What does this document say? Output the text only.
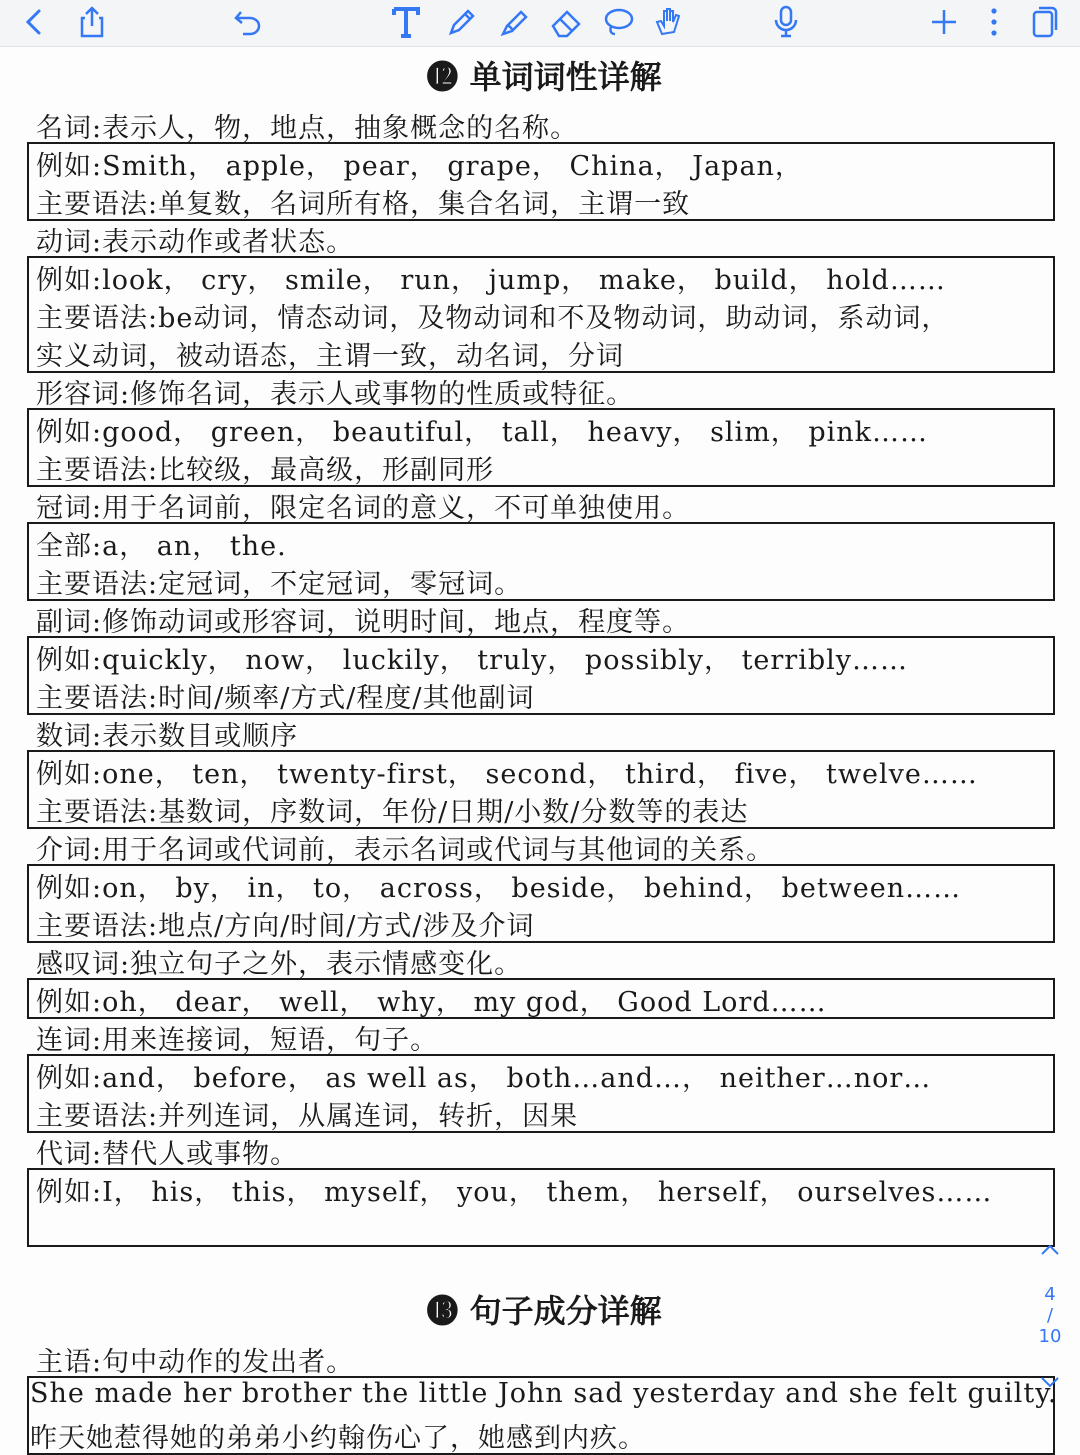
⓬ 单词词性详解
名词:表示人，物，地点，抽象概念的名称。
例如:Smith， apple， pear， grape， China， Japan，
主要语法:单复数，名词所有格，集合名词，主谓一致
动词:表示动作或者状态。
例如:look， cry， smile， run， jump， make， build， hold……
主要语法:be动词，情态动词，及物动词和不及物动词，助动词，系动词，
实义动词，被动语态，主谓一致，动名词，分词
形容词:修饰名词，表示人或事物的性质或特征。
例如:good， green， beautiful， tall， heavy， slim， pink……
主要语法:比较级，最高级，形副同形
冠词:用于名词前，限定名词的意义，不可单独使用。
全部:a， an， the.
主要语法:定冠词，不定冠词，零冠词。
副词:修饰动词或形容词，说明时间，地点，程度等。
例如:quickly， now， luckily， truly， possibly， terribly……
主要语法:时间/频率/方式/程度/其他副词
数词:表示数目或顺序
例如:one， ten， twenty-first， second， third， five， twelve……
主要语法:基数词，序数词，年份/日期/小数/分数等的表达
介词:用于名词或代词前，表示名词或代词与其他词的关系。
例如:on， by， in， to， across， beside， behind， between……
主要语法:地点/方向/时间/方式/涉及介词
感叹词:独立句子之外，表示情感变化。
例如:oh， dear， well， why， my god， Good Lord……
连词:用来连接词，短语，句子。
例如:and， before， as well as， both…and…， neither…nor…
主要语法:并列连词，从属连词，转折，因果
代词:替代人或事物。
例如:I， his， this， myself， you， them， herself， ourselves……
⓭ 句子成分详解
主语:句中动作的发出者。
She made her brother the little John sad yesterday and she felt guilty.
昨天她惹得她的弟弟小约翰伤心了，她感到内疚。
4
/
10
